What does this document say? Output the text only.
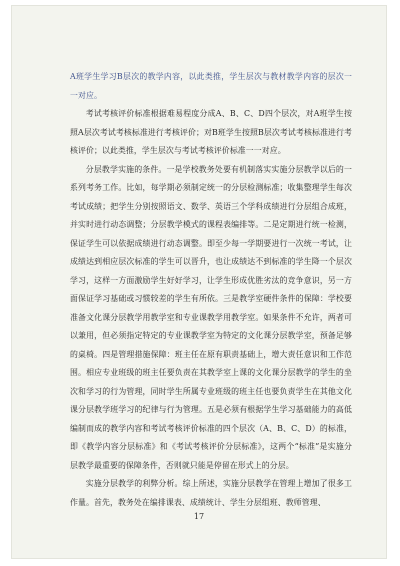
A班学生学习B层次的教学内容，以此类推，学生层次与教材教学内容的层次一一对应。

考试考核评价标准根据难易程度分成A、B、C、D四个层次，对A班学生按照A层次考试考核标准进行考核评价；对B班学生按照B层次考试考核标准进行考核评价；以此类推，学生层次与考试考核评价标准一一对应。

分层教学实施的条件。一是学校教务处要有机制落实实施分层教学以后的一系列考务工作。比如，每学期必须制定统一的分层检测标准；收集整理学生每次考试成绩；把学生分别按照语文、数学、英语三个学科成绩进行分层组合成班，并实时进行动态调整；分层教学模式的课程表编排等。二是定期进行统一检测，保证学生可以依据成绩进行动态调整。即至少每一学期要进行一次统一考试，让成绩达到相应层次标准的学生可以晋升，也让成绩达不到标准的学生降一个层次学习，这样一方面激励学生好好学习，让学生形成优胜劣汰的竞争意识，另一方面保证学习基础或习惯较差的学生有所依。三是教学室硬件条件的保障：学校要准备文化课分层教学用教学室和专业课教学用教学室。如果条件不允许，两者可以兼用，但必须指定特定的专业课教学室为特定的文化课分层教学室，预备足够的桌椅。四是管理措施保障：班主任在原有职责基础上，增大责任意识和工作范围。相应专业班级的班主任要负责在其教学室上课的文化课分层教学的学生的坐次和学习的行为管理，同时学生所属专业班级的班主任也要负责学生在其他文化课分层教学班学习的纪律与行为管理。五是必须有根据学生学习基础能力的高低编制而成的教学内容和考试考核评价标准的四个层次（A、B、C、D）的标准，即《教学内容分层标准》和《考试考核评价分层标准》，这两个“标准”是实施分层教学最重要的保障条件，否则就只能是停留在形式上的分层。

实施分层教学的利弊分析。综上所述，实施分层教学在管理上增加了很多工作量。首先，教务处在编排课表、成绩统计、学生分层组班、教师管理、

17
